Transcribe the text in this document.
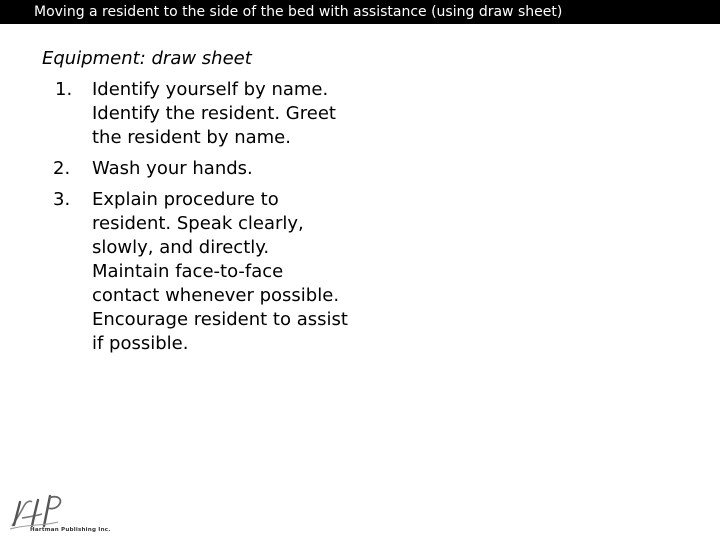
Moving a resident to the side of the bed with assistance (using draw sheet)
Equipment: draw sheet
1. Identify yourself by name. Identify the resident. Greet the resident by name.
2. Wash your hands.
3. Explain procedure to resident. Speak clearly, slowly, and directly. Maintain face-to-face contact whenever possible. Encourage resident to assist if possible.
Hartman Publishing Inc.
